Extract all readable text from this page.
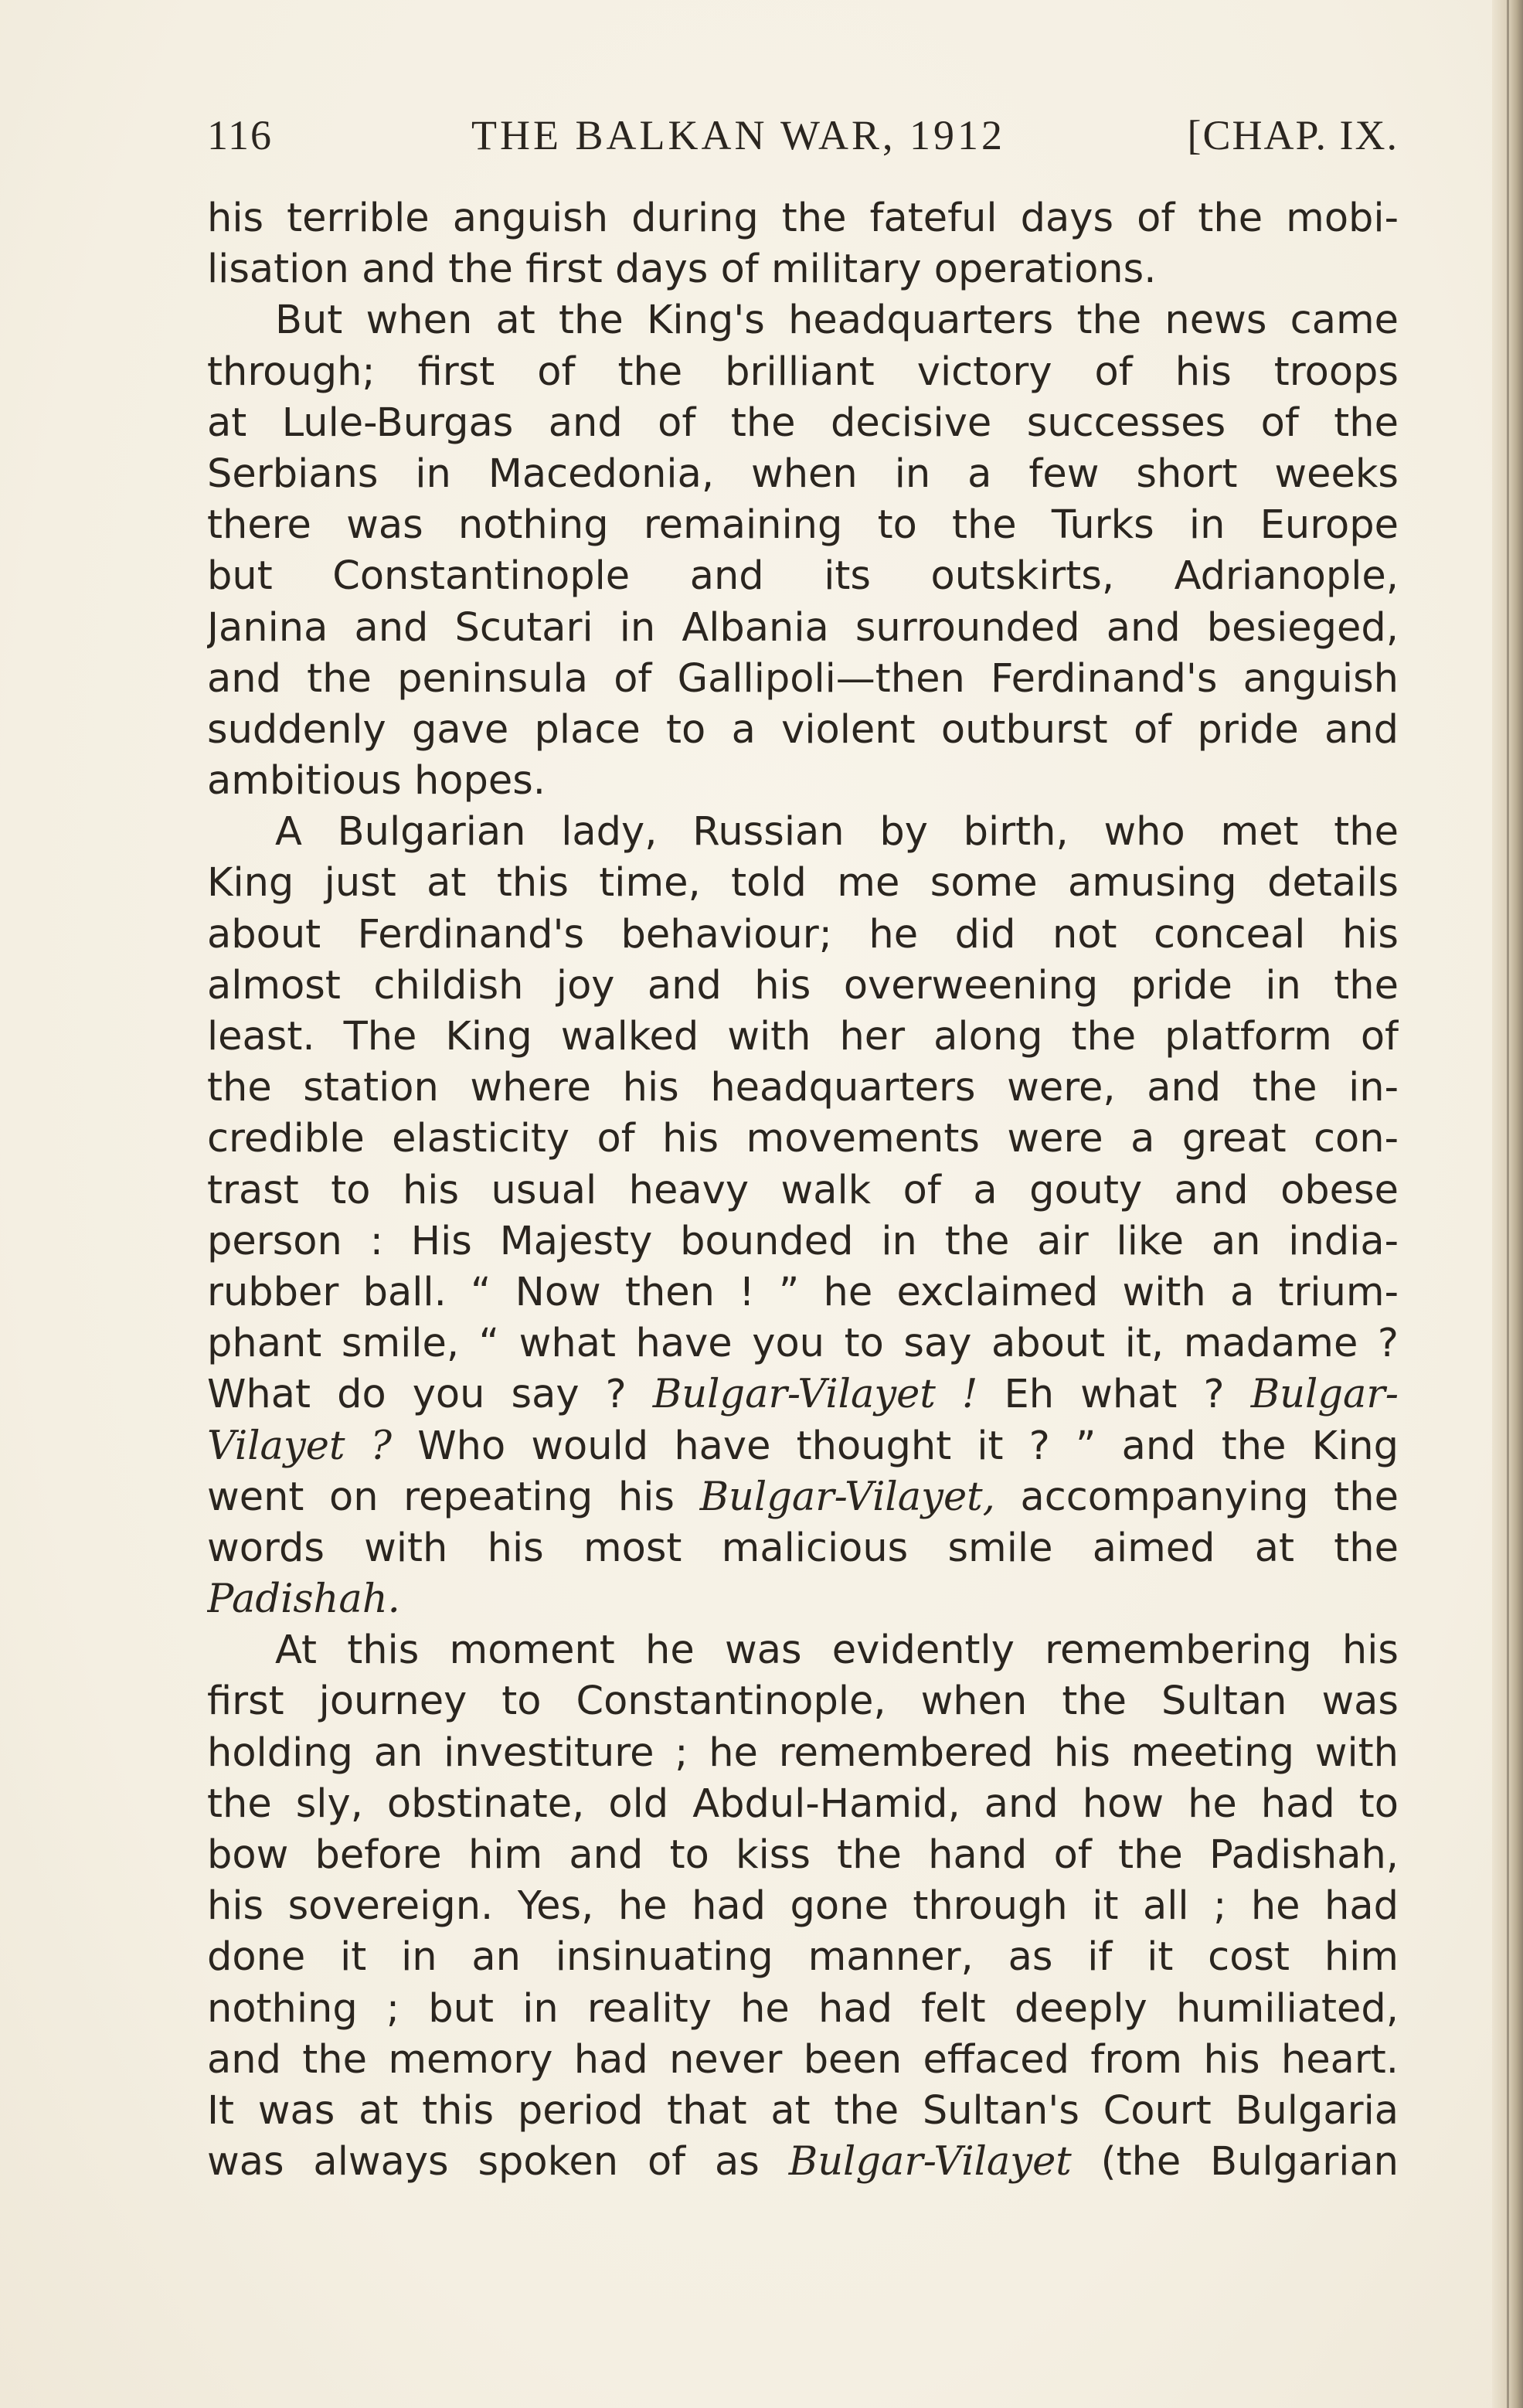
116	THE BALKAN WAR, 1912	[CHAP. IX.
his terrible anguish during the fateful days of the mobi-
lisation and the first days of military operations.
But when at the King's headquarters the news came
through; first of the brilliant victory of his troops
at Lule-Burgas and of the decisive successes of the
Serbians in Macedonia, when in a few short weeks
there was nothing remaining to the Turks in Europe
but Constantinople and its outskirts, Adrianople,
Janina and Scutari in Albania surrounded and besieged,
and the peninsula of Gallipoli—then Ferdinand's anguish
suddenly gave place to a violent outburst of pride and
ambitious hopes.
A Bulgarian lady, Russian by birth, who met the
King just at this time, told me some amusing details
about Ferdinand's behaviour; he did not conceal his
almost childish joy and his overweening pride in the
least. The King walked with her along the platform of
the station where his headquarters were, and the in-
credible elasticity of his movements were a great con-
trast to his usual heavy walk of a gouty and obese
person : His Majesty bounded in the air like an india-
rubber ball. “ Now then ! ” he exclaimed with a trium-
phant smile, “ what have you to say about it, madame ?
What do you say ? Bulgar-Vilayet ! Eh what ? Bulgar-
Vilayet ? Who would have thought it ? ” and the King
went on repeating his Bulgar-Vilayet, accompanying the
words with his most malicious smile aimed at the
Padishah.
At this moment he was evidently remembering his
first journey to Constantinople, when the Sultan was
holding an investiture ; he remembered his meeting with
the sly, obstinate, old Abdul-Hamid, and how he had to
bow before him and to kiss the hand of the Padishah,
his sovereign. Yes, he had gone through it all ; he had
done it in an insinuating manner, as if it cost him
nothing ; but in reality he had felt deeply humiliated,
and the memory had never been effaced from his heart.
It was at this period that at the Sultan's Court Bulgaria
was always spoken of as Bulgar-Vilayet (the Bulgarian
